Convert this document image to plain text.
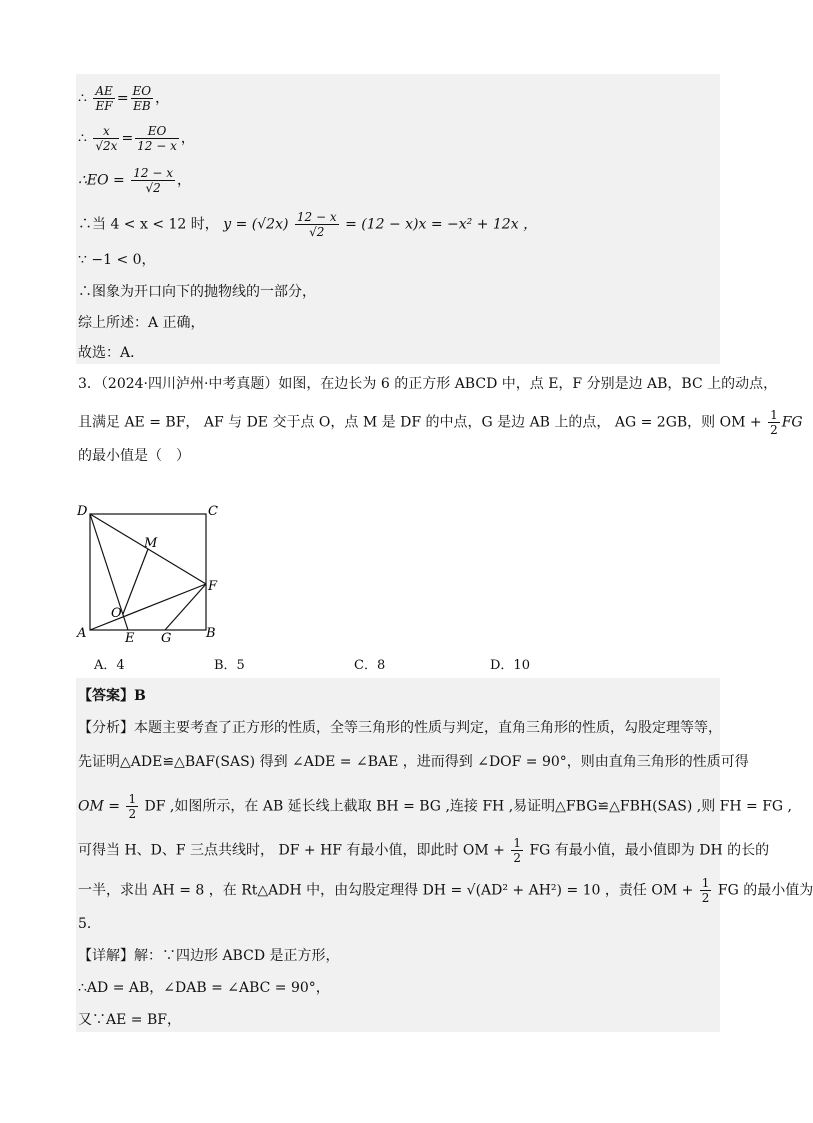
∴ $\frac{AE}{EF} = \frac{EO}{EB}$ ，
∴ $\frac{x}{√2x} = \frac{EO}{12 - x}$ ，
∴EO = $\frac{12 - x}{√2}$ ，
∴当 4 < x < 12 时， $y = (√2x) \frac{12 - x}{√2} = (12 - x)x = -x^2 + 12x$ ，
∵ −1 < 0，
∴图象为开口向下的抛物线的一部分，
综上所述：A 正确，
故选：A．
3．（2024·四川泸州·中考真题）如图，在边长为 6 的正方形 ABCD 中，点 E，F 分别是边 AB，BC 上的动点，
且满足 AE = BF， AF 与 DE 交于点 O，点 M 是 DF 的中点，G 是边 AB 上的点， AG = 2GB，则 OM + $\frac{1}{2}$ FG
的最小值是（　）
D	C
M
F
O
A	E G	B
A．4	B．5	C．8	D．10
【答案】B
【分析】本题主要考查了正方形的性质，全等三角形的性质与判定，直角三角形的性质，勾股定理等等，
先证明△ADE≌△BAF(SAS) 得到 ∠ADE = ∠BAE ，进而得到 ∠DOF = 90°，则由直角三角形的性质可得
OM = $\frac{1}{2}$ DF ,如图所示，在 AB 延长线上截取 BH = BG ,连接 FH ,易证明△FBG≌△FBH(SAS) ,则 FH = FG ,
可得当 H、D、F 三点共线时， DF + HF 有最小值，即此时 OM + $\frac{1}{2}$ FG 有最小值，最小值即为 DH 的长的
一半，求出 AH = 8 ，在 Rt△ADH 中，由勾股定理得 DH = √(AD² + AH²) = 10 ，责任 OM + $\frac{1}{2}$ FG 的最小值为
5．
【详解】解：∵四边形 ABCD 是正方形，
∴AD = AB，∠DAB = ∠ABC = 90°，
又∵AE = BF，
